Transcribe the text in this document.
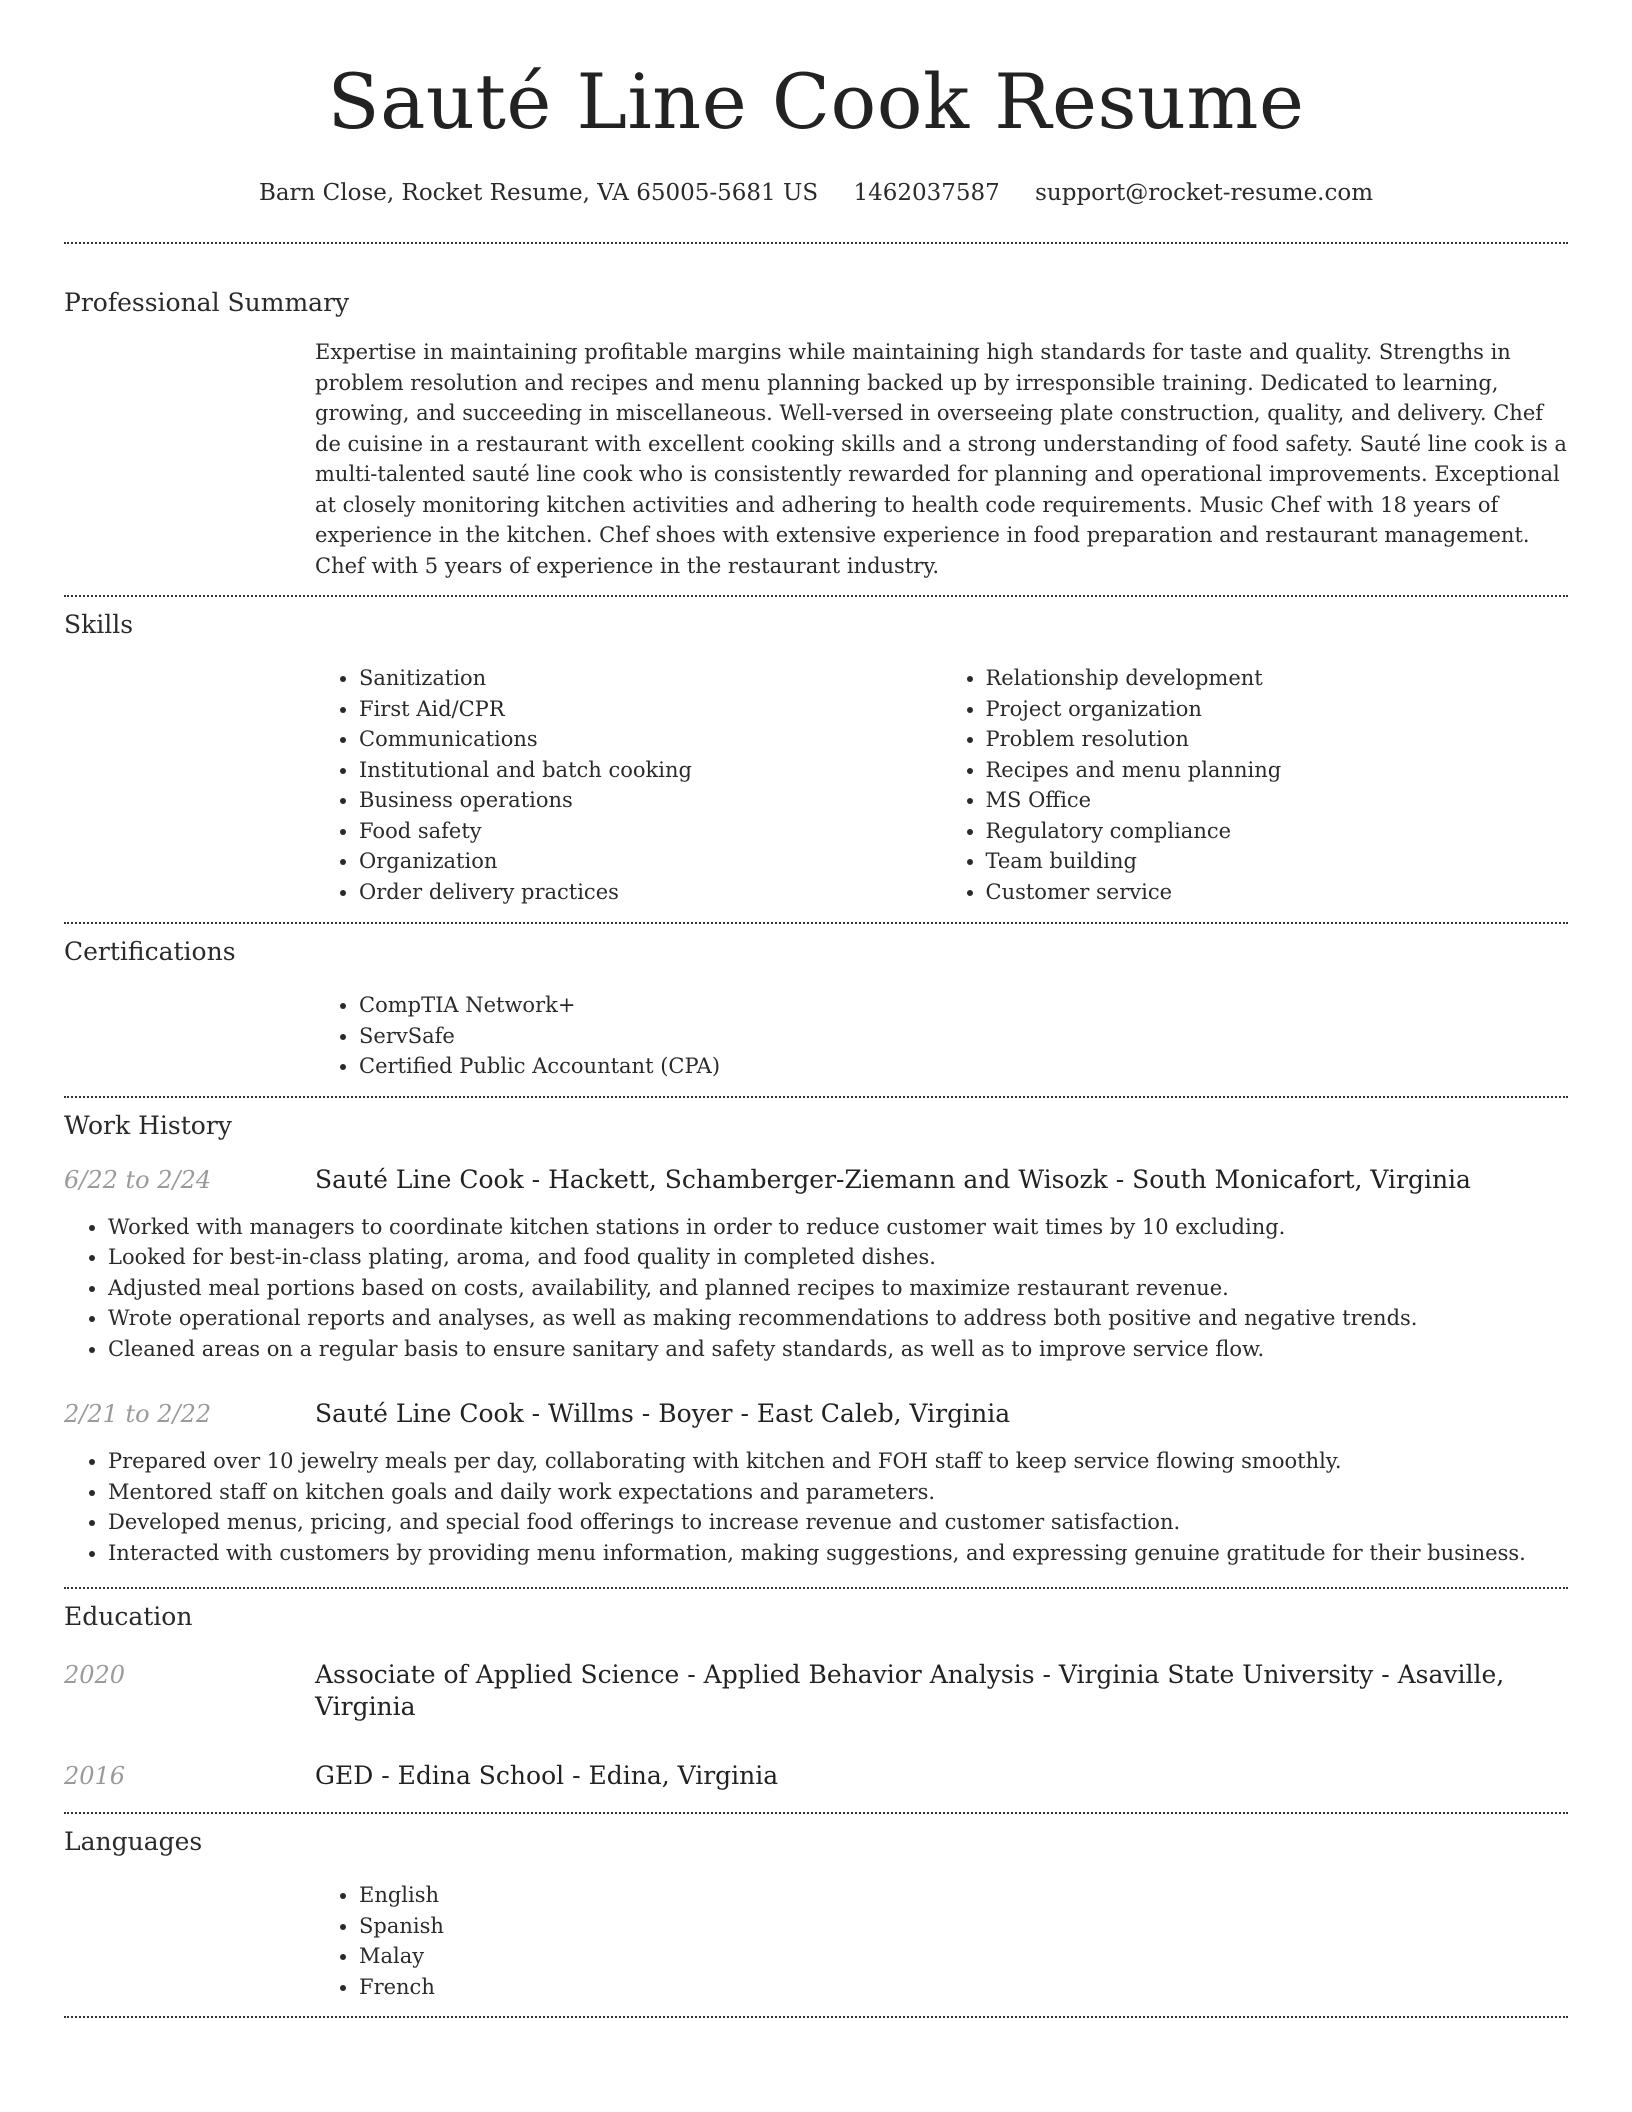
Sauté Line Cook Resume
Barn Close, Rocket Resume, VA 65005-5681 US 1462037587 support@rocket-resume.com
Professional Summary

Expertise in maintaining profitable margins while maintaining high standards for taste and quality. Strengths in problem resolution and recipes and menu planning backed up by irresponsible training. Dedicated to learning, growing, and succeeding in miscellaneous. Well-versed in overseeing plate construction, quality, and delivery. Chef de cuisine in a restaurant with excellent cooking skills and a strong understanding of food safety. Sauté line cook is a multi-talented sauté line cook who is consistently rewarded for planning and operational improvements. Exceptional at closely monitoring kitchen activities and adhering to health code requirements. Music Chef with 18 years of experience in the kitchen. Chef shoes with extensive experience in food preparation and restaurant management. Chef with 5 years of experience in the restaurant industry.

Skills
• Sanitization
• First Aid/CPR
• Communications
• Institutional and batch cooking
• Business operations
• Food safety
• Organization
• Order delivery practices
• Relationship development
• Project organization
• Problem resolution
• Recipes and menu planning
• MS Office
• Regulatory compliance
• Team building
• Customer service
Certifications
• CompTIA Network+
• ServSafe
• Certified Public Accountant (CPA)
Work History
6/22 to 2/24	Sauté Line Cook - Hackett, Schamberger-Ziemann and Wisozk - South Monicafort, Virginia
• Worked with managers to coordinate kitchen stations in order to reduce customer wait times by 10 excluding.
• Looked for best-in-class plating, aroma, and food quality in completed dishes.
• Adjusted meal portions based on costs, availability, and planned recipes to maximize restaurant revenue.
• Wrote operational reports and analyses, as well as making recommendations to address both positive and negative trends.
• Cleaned areas on a regular basis to ensure sanitary and safety standards, as well as to improve service flow.
2/21 to 2/22	Sauté Line Cook - Willms - Boyer - East Caleb, Virginia
• Prepared over 10 jewelry meals per day, collaborating with kitchen and FOH staff to keep service flowing smoothly.
• Mentored staff on kitchen goals and daily work expectations and parameters.
• Developed menus, pricing, and special food offerings to increase revenue and customer satisfaction.
• Interacted with customers by providing menu information, making suggestions, and expressing genuine gratitude for their business.
Education
2020	Associate of Applied Science - Applied Behavior Analysis - Virginia State University - Asaville, Virginia
2016	GED - Edina School - Edina, Virginia
Languages
• English
• Spanish
• Malay
• French
